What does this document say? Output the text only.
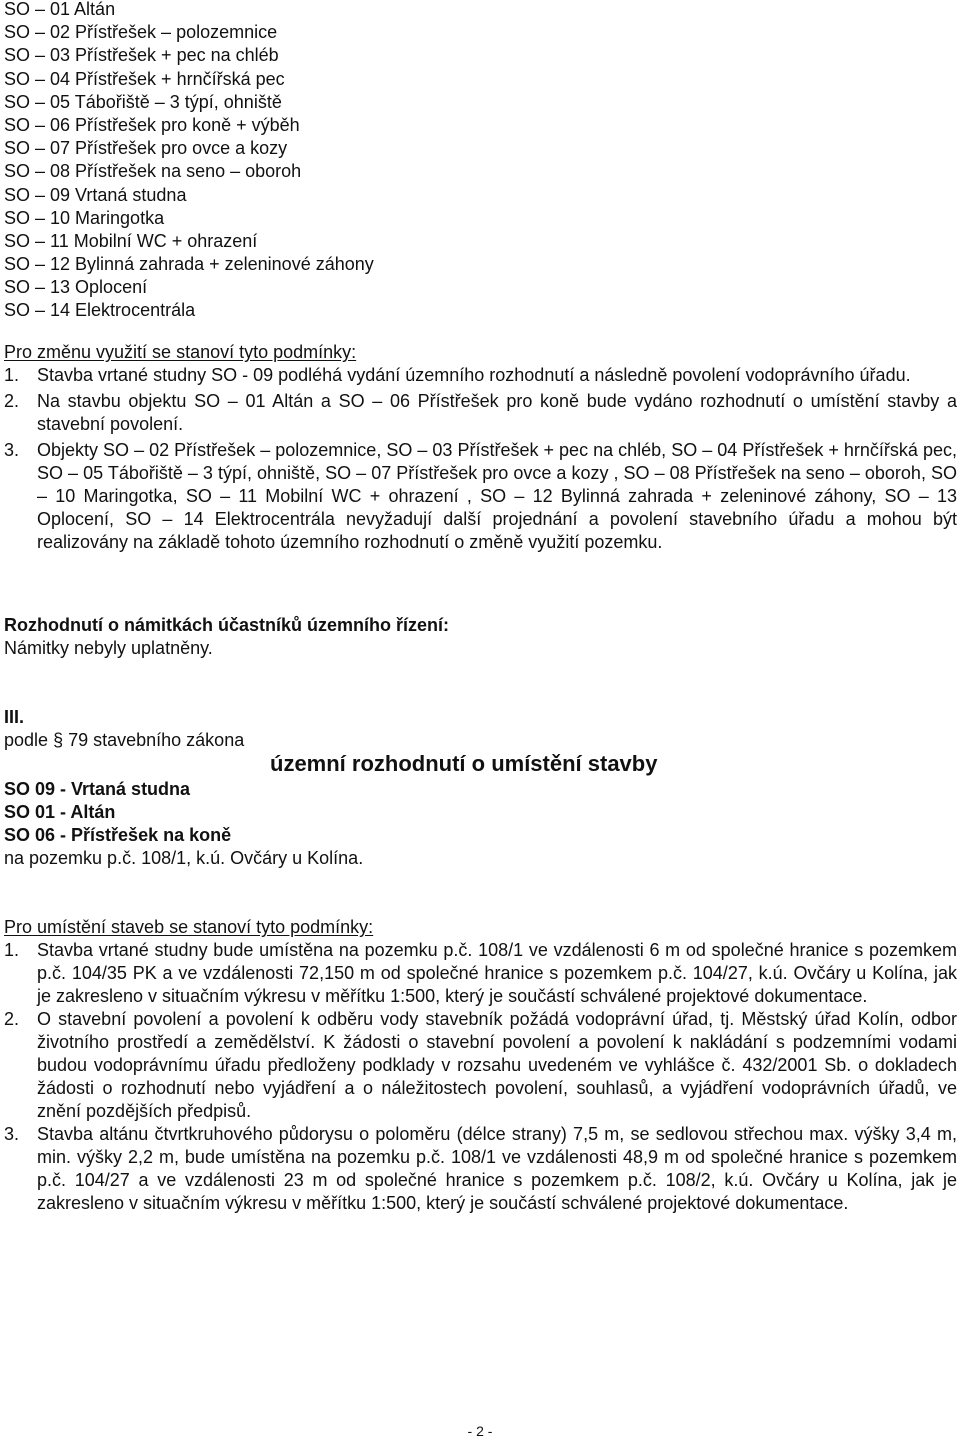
SO – 01 Altán
SO – 02 Přístřešek – polozemnice
SO – 03 Přístřešek + pec na chléb
SO – 04 Přístřešek + hrnčířská pec
SO – 05 Tábořiště – 3 týpí, ohniště
SO – 06 Přístřešek pro koně + výběh
SO – 07 Přístřešek pro ovce a kozy
SO – 08 Přístřešek na seno – oboroh
SO – 09 Vrtaná studna
SO – 10 Maringotka
SO – 11 Mobilní WC + ohrazení
SO – 12 Bylinná zahrada + zeleninové záhony
SO – 13 Oplocení
SO – 14 Elektrocentrála
Pro změnu využití se stanoví tyto podmínky:
1. Stavba vrtané studny SO - 09 podléhá vydání územního rozhodnutí a následně povolení vodoprávního úřadu.
2. Na stavbu objektu SO – 01 Altán a SO – 06 Přístřešek pro koně bude vydáno rozhodnutí o umístění stavby a stavební povolení.
3. Objekty SO – 02 Přístřešek – polozemnice, SO – 03 Přístřešek + pec na chléb, SO – 04 Přístřešek + hrnčířská pec, SO – 05 Tábořiště – 3 týpí, ohniště, SO – 07 Přístřešek pro ovce a kozy , SO – 08 Přístřešek na seno – oboroh, SO – 10 Maringotka, SO – 11 Mobilní WC + ohrazení , SO – 12 Bylinná zahrada + zeleninové záhony, SO – 13 Oplocení, SO – 14 Elektrocentrála nevyžadují další projednání a povolení stavebního úřadu a mohou být realizovány na základě tohoto územního rozhodnutí o změně využití pozemku.
Rozhodnutí o námitkách účastníků územního řízení:
Námitky nebyly uplatněny.
III.
podle § 79 stavebního zákona
územní rozhodnutí o umístění stavby
SO 09 - Vrtaná studna
SO 01 - Altán
SO 06 - Přístřešek na koně
na pozemku p.č. 108/1, k.ú. Ovčáry u Kolína.
Pro umístění staveb se stanoví tyto podmínky:
1. Stavba vrtané studny bude umístěna na pozemku p.č. 108/1 ve vzdálenosti 6 m od společné hranice s pozemkem p.č. 104/35 PK a ve vzdálenosti 72,150 m od společné hranice s pozemkem p.č. 104/27, k.ú. Ovčáry u Kolína, jak je zakresleno v situačním výkresu v měřítku 1:500, který je součástí schválené projektové dokumentace.
2. O stavební povolení a povolení k odběru vody stavebník požádá vodoprávní úřad, tj. Městský úřad Kolín, odbor životního prostředí a zemědělství. K žádosti o stavební povolení a povolení k nakládání s podzemními vodami budou vodoprávnímu úřadu předloženy podklady v rozsahu uvedeném ve vyhlášce č. 432/2001 Sb. o dokladech žádosti o rozhodnutí nebo vyjádření a o náležitostech povolení, souhlasů, a vyjádření vodoprávních úřadů, ve znění pozdějších předpisů.
3. Stavba altánu čtvrtkruhového půdorysu o poloměru (délce strany) 7,5 m, se sedlovou střechou max. výšky 3,4 m, min. výšky 2,2 m, bude umístěna na pozemku p.č. 108/1 ve vzdálenosti 48,9 m od společné hranice s pozemkem p.č. 104/27 a ve vzdálenosti 23 m od společné hranice s pozemkem p.č. 108/2, k.ú. Ovčáry u Kolína, jak je zakresleno v situačním výkresu v měřítku 1:500, který je součástí schválené projektové dokumentace.
- 2 -
